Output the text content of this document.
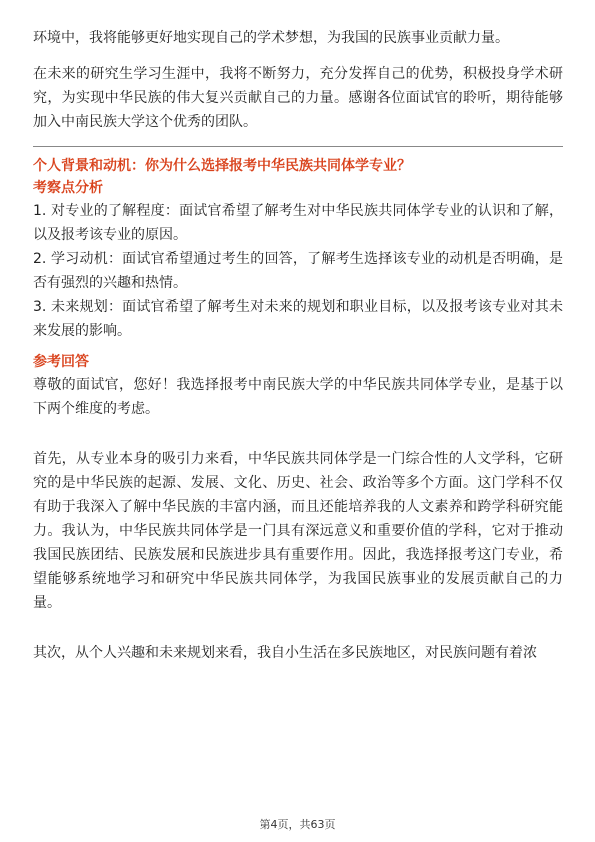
环境中，我将能够更好地实现自己的学术梦想，为我国的民族事业贡献力量。

在未来的研究生学习生涯中，我将不断努力，充分发挥自己的优势，积极投身学术研究，为实现中华民族的伟大复兴贡献自己的力量。感谢各位面试官的聆听，期待能够加入中南民族大学这个优秀的团队。

个人背景和动机：你为什么选择报考中华民族共同体学专业？
考察点分析

1. 对专业的了解程度：面试官希望了解考生对中华民族共同体学专业的认识和了解，以及报考该专业的原因。

2. 学习动机：面试官希望通过考生的回答，了解考生选择该专业的动机是否明确，是否有强烈的兴趣和热情。

3. 未来规划：面试官希望了解考生对未来的规划和职业目标，以及报考该专业对其未来发展的影响。

参考回答

尊敬的面试官，您好！我选择报考中南民族大学的中华民族共同体学专业，是基于以下两个维度的考虑。

首先，从专业本身的吸引力来看，中华民族共同体学是一门综合性的人文学科，它研究的是中华民族的起源、发展、文化、历史、社会、政治等多个方面。这门学科不仅有助于我深入了解中华民族的丰富内涵，而且还能培养我的人文素养和跨学科研究能力。我认为，中华民族共同体学是一门具有深远意义和重要价值的学科，它对于推动我国民族团结、民族发展和民族进步具有重要作用。因此，我选择报考这门专业，希望能够系统地学习和研究中华民族共同体学，为我国民族事业的发展贡献自己的力量。

其次，从个人兴趣和未来规划来看，我自小生活在多民族地区，对民族问题有着浓

第4页，共63页
